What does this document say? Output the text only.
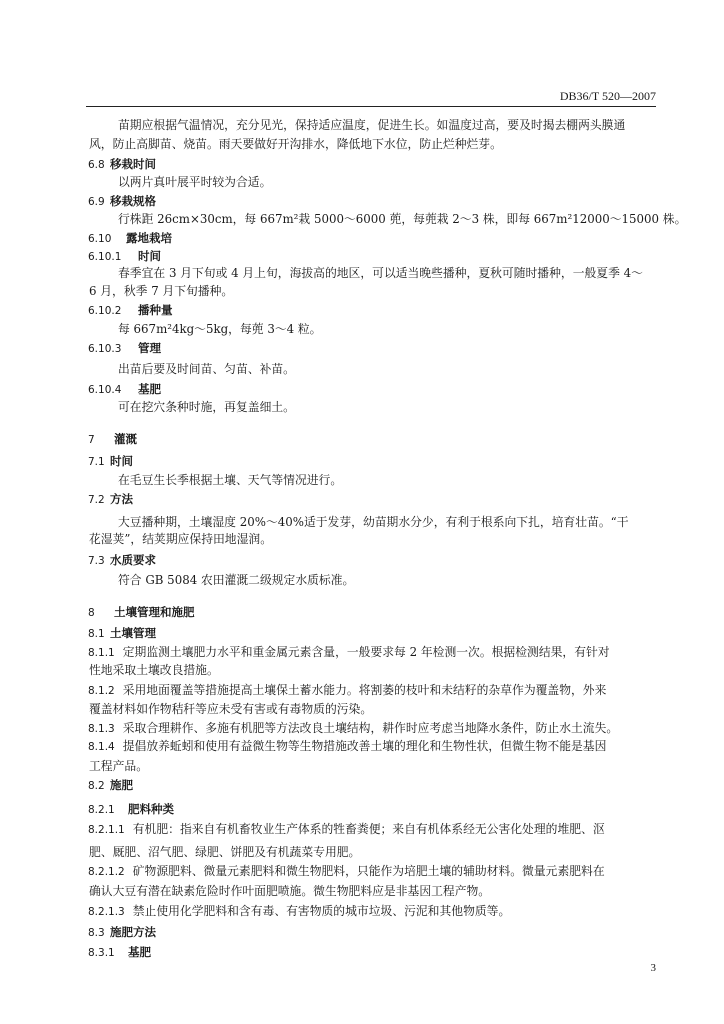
DB36/T 520—2007
苗期应根据气温情况，充分见光，保持适应温度，促进生长。如温度过高，要及时揭去棚两头膜通
风，防止高脚苗、烧苗。雨天要做好开沟排水，降低地下水位，防止烂种烂芽。
6.8 移栽时间
以两片真叶展平时较为合适。
6.9 移栽规格
行株距 26cm×30cm，每 667m²栽 5000～6000 蔸，每蔸栽 2～3 株，即每 667m²12000～15000 株。
6.10	露地栽培
6.10.1	时间
春季宜在 3 月下旬或 4 月上旬，海拔高的地区，可以适当晚些播种，夏秋可随时播种，一般夏季 4～
6 月，秋季 7 月下旬播种。
6.10.2	播种量
每 667m²4kg～5kg，每蔸 3～4 粒。
6.10.3	管理
出苗后要及时间苗、匀苗、补苗。
6.10.4	基肥
可在挖穴条种时施，再复盖细土。
7	灌溉
7.1 时间
在毛豆生长季根据土壤、天气等情况进行。
7.2 方法
大豆播种期，土壤湿度 20%～40%适于发芽，幼苗期水分少，有利于根系向下扎，培育壮苗。“干
花湿荚”，结荚期应保持田地湿润。
7.3 水质要求
符合 GB 5084 农田灌溉二级规定水质标准。
8	土壤管理和施肥
8.1 土壤管理
8.1.1 定期监测土壤肥力水平和重金属元素含量，一般要求每 2 年检测一次。根据检测结果，有针对
性地采取土壤改良措施。
8.1.2 采用地面覆盖等措施提高土壤保土蓄水能力。将割萎的枝叶和未结籽的杂草作为覆盖物，外来
覆盖材料如作物秸秆等应未受有害或有毒物质的污染。
8.1.3 采取合理耕作、多施有机肥等方法改良土壤结构，耕作时应考虑当地降水条件，防止水土流失。
8.1.4 提倡放养蚯蚓和使用有益微生物等生物措施改善土壤的理化和生物性状，但微生物不能是基因
工程产品。
8.2 施肥
8.2.1	肥料种类
8.2.1.1 有机肥：指来自有机畜牧业生产体系的牲畜粪便；来自有机体系经无公害化处理的堆肥、沤
肥、厩肥、沼气肥、绿肥、饼肥及有机蔬菜专用肥。
8.2.1.2 矿物源肥料、微量元素肥料和微生物肥料，只能作为培肥土壤的辅助材料。微量元素肥料在
确认大豆有潜在缺素危险时作叶面肥喷施。微生物肥料应是非基因工程产物。
8.2.1.3 禁止使用化学肥料和含有毒、有害物质的城市垃圾、污泥和其他物质等。
8.3 施肥方法
8.3.1	基肥
3
